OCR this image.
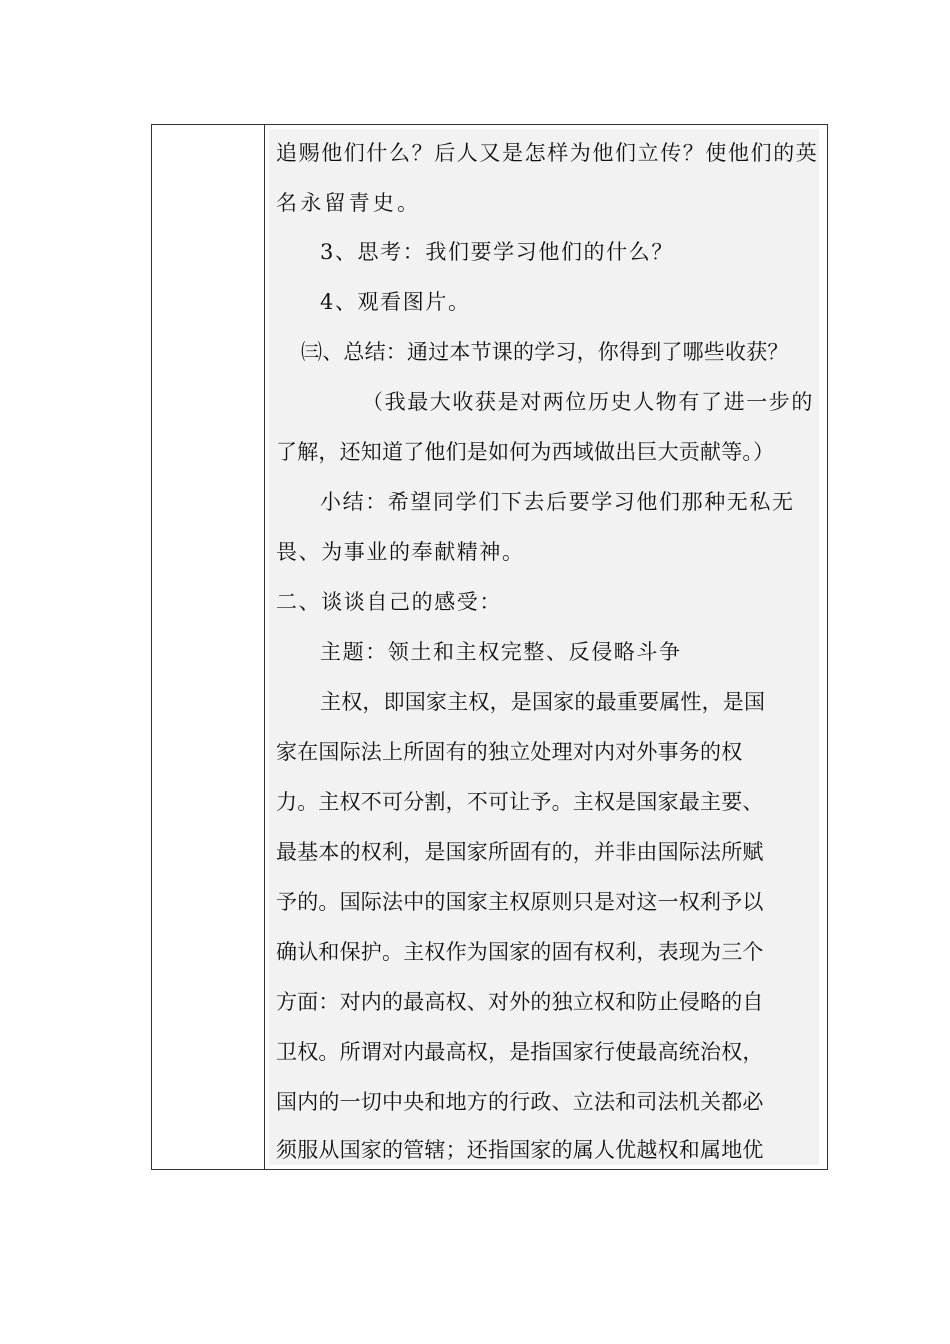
追赐他们什么？后人又是怎样为他们立传？使他们的英
名永留青史。
3、思考：我们要学习他们的什么？
4、观看图片。
㈢、总结：通过本节课的学习，你得到了哪些收获？
（我最大收获是对两位历史人物有了进一步的
了解，还知道了他们是如何为西域做出巨大贡献等。）
小结：希望同学们下去后要学习他们那种无私无
畏、为事业的奉献精神。
二、谈谈自己的感受：
主题：领土和主权完整、反侵略斗争
主权，即国家主权，是国家的最重要属性，是国
家在国际法上所固有的独立处理对内对外事务的权
力。主权不可分割，不可让予。主权是国家最主要、
最基本的权利，是国家所固有的，并非由国际法所赋
予的。国际法中的国家主权原则只是对这一权利予以
确认和保护。主权作为国家的固有权利，表现为三个
方面：对内的最高权、对外的独立权和防止侵略的自
卫权。所谓对内最高权，是指国家行使最高统治权，
国内的一切中央和地方的行政、立法和司法机关都必
须服从国家的管辖；还指国家的属人优越权和属地优
